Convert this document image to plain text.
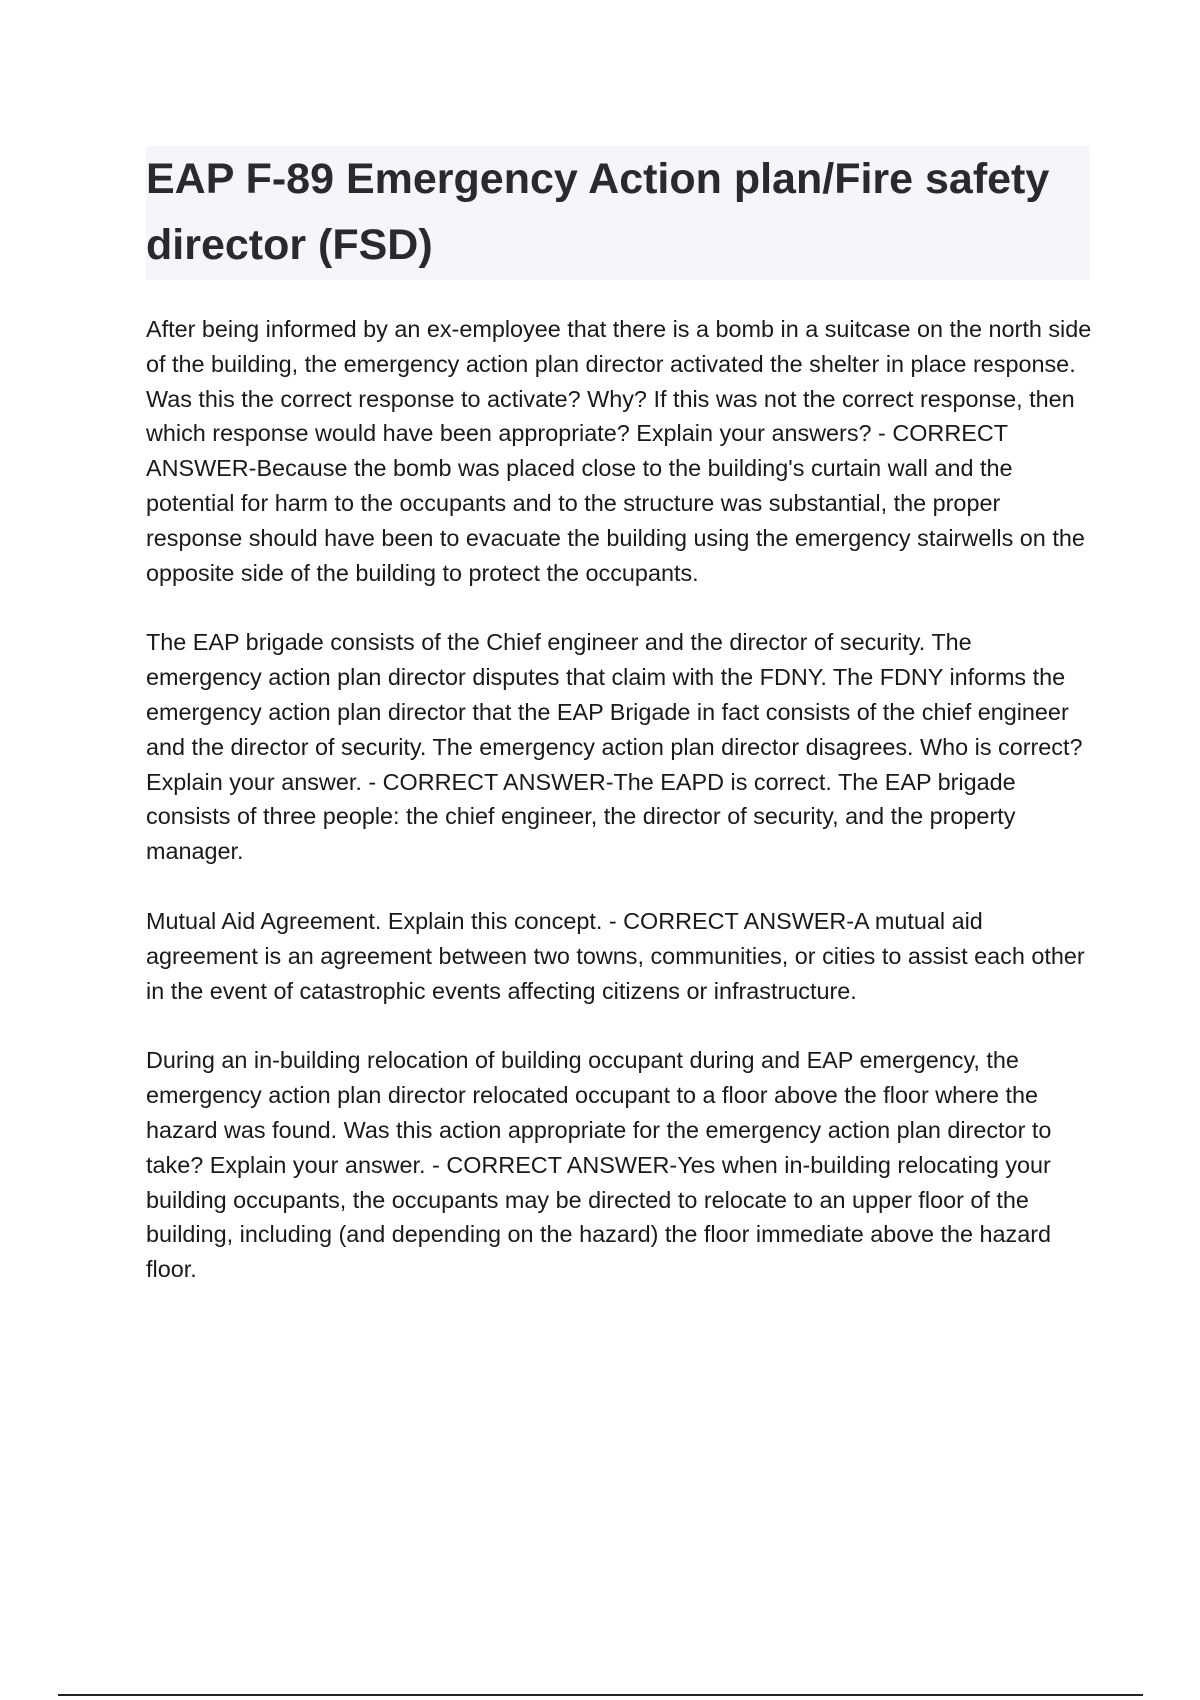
EAP F-89 Emergency Action plan/Fire safety director (FSD)

After being informed by an ex-employee that there is a bomb in a suitcase on the north side of the building, the emergency action plan director activated the shelter in place response. Was this the correct response to activate? Why? If this was not the correct response, then which response would have been appropriate? Explain your answers? - CORRECT ANSWER-Because the bomb was placed close to the building's curtain wall and the potential for harm to the occupants and to the structure was substantial, the proper response should have been to evacuate the building using the emergency stairwells on the opposite side of the building to protect the occupants.

The EAP brigade consists of the Chief engineer and the director of security. The emergency action plan director disputes that claim with the FDNY. The FDNY informs the emergency action plan director that the EAP Brigade in fact consists of the chief engineer and the director of security. The emergency action plan director disagrees. Who is correct? Explain your answer. - CORRECT ANSWER-The EAPD is correct. The EAP brigade consists of three people: the chief engineer, the director of security, and the property manager.

Mutual Aid Agreement. Explain this concept. - CORRECT ANSWER-A mutual aid agreement is an agreement between two towns, communities, or cities to assist each other in the event of catastrophic events affecting citizens or infrastructure.

During an in-building relocation of building occupant during and EAP emergency, the emergency action plan director relocated occupant to a floor above the floor where the hazard was found. Was this action appropriate for the emergency action plan director to take? Explain your answer. - CORRECT ANSWER-Yes when in-building relocating your building occupants, the occupants may be directed to relocate to an upper floor of the building, including (and depending on the hazard) the floor immediate above the hazard floor.
